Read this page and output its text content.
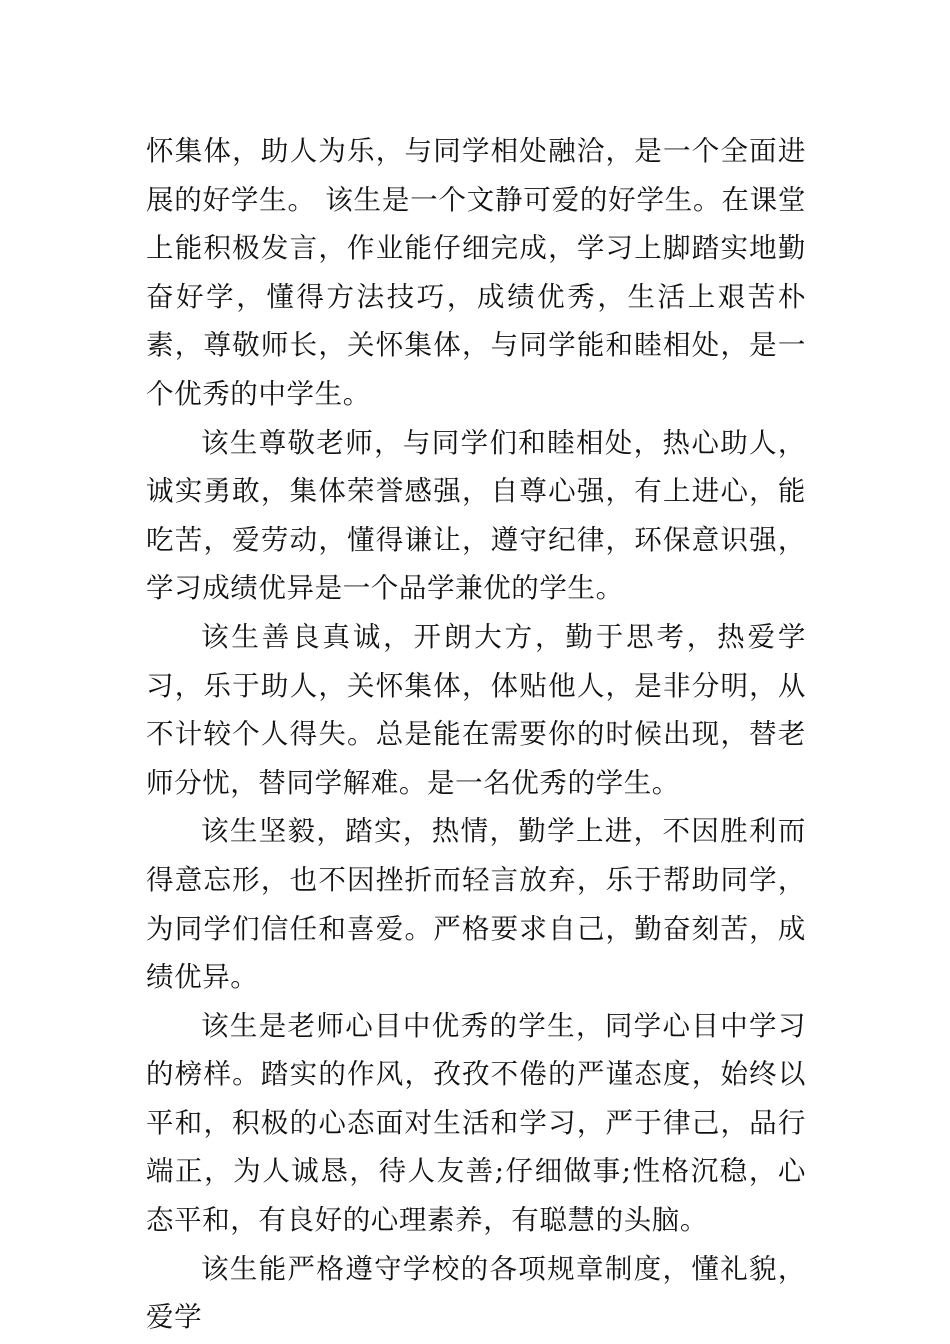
怀集体，助人为乐，与同学相处融洽，是一个全面进展的好学生。 该生是一个文静可爱的好学生。在课堂上能积极发言，作业能仔细完成，学习上脚踏实地勤奋好学，懂得方法技巧，成绩优秀，生活上艰苦朴素，尊敬师长，关怀集体，与同学能和睦相处，是一个优秀的中学生。

该生尊敬老师，与同学们和睦相处，热心助人，诚实勇敢，集体荣誉感强，自尊心强，有上进心，能吃苦，爱劳动，懂得谦让，遵守纪律，环保意识强，学习成绩优异是一个品学兼优的学生。

该生善良真诚，开朗大方，勤于思考，热爱学习，乐于助人，关怀集体，体贴他人，是非分明，从不计较个人得失。总是能在需要你的时候出现，替老师分忧，替同学解难。是一名优秀的学生。

该生坚毅，踏实，热情，勤学上进，不因胜利而得意忘形，也不因挫折而轻言放弃，乐于帮助同学，为同学们信任和喜爱。严格要求自己，勤奋刻苦，成绩优异。

该生是老师心目中优秀的学生，同学心目中学习的榜样。踏实的作风，孜孜不倦的严谨态度，始终以平和，积极的心态面对生活和学习，严于律己，品行端正，为人诚恳，待人友善;仔细做事;性格沉稳，心态平和，有良好的心理素养，有聪慧的头脑。

该生能严格遵守学校的各项规章制度，懂礼貌，爱学
